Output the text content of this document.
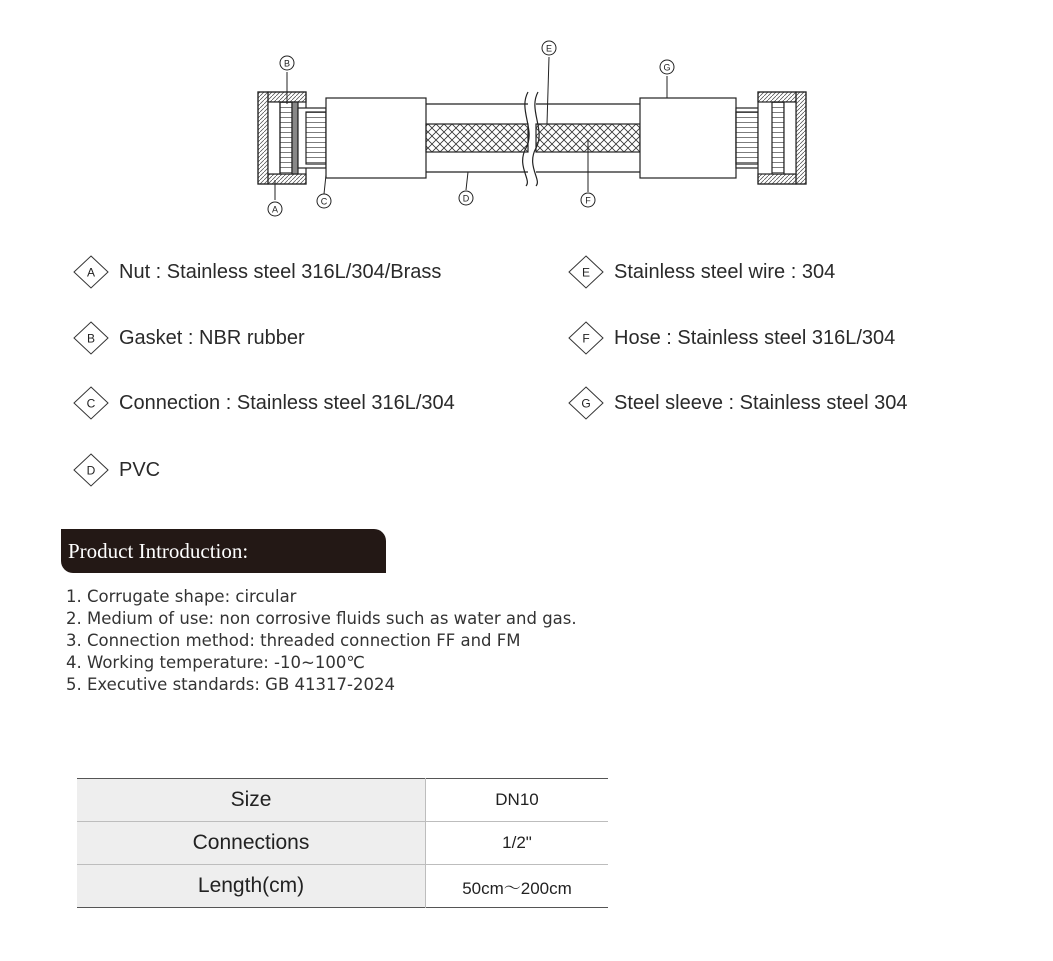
B
E
G
A
C	D	F
A Nut : Stainless steel 316L/304/Brass
B Gasket : NBR rubber
C Connection : Stainless steel 316L/304
D PVC
E Stainless steel wire : 304
F Hose : Stainless steel 316L/304
G Steel sleeve : Stainless steel 304
Product Introduction:
1. Corrugate shape: circular
2. Medium of use: non corrosive fluids such as water and gas.
3. Connection method: threaded connection FF and FM
4. Working temperature: -10~100℃
5. Executive standards: GB 41317-2024
Size	DN10
Connections	1/2"
Length(cm)	50cm～200cm
